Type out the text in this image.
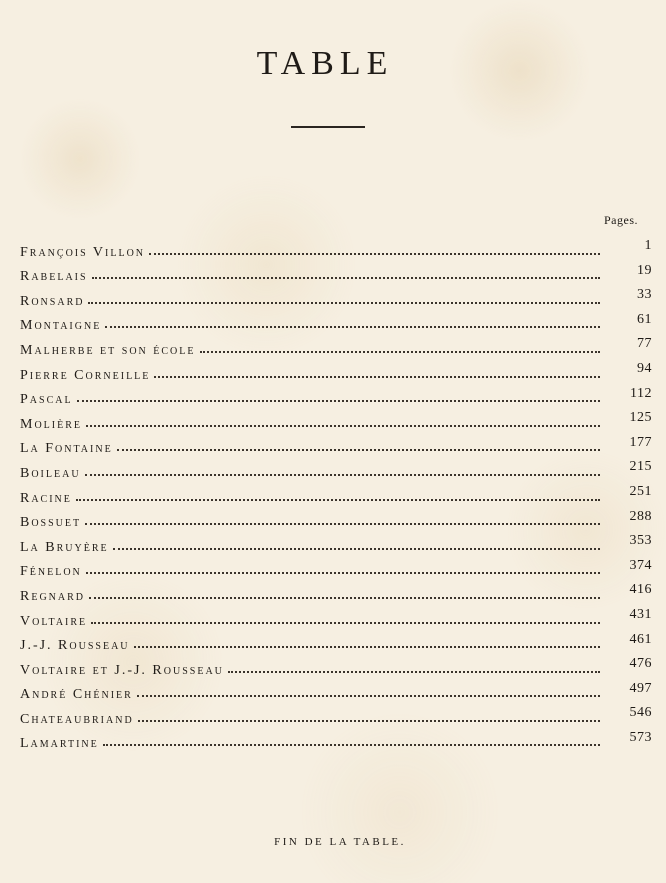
TABLE
Pages.
François Villon	1
Rabelais	19
Ronsard	33
Montaigne	61
Malherbe et son école	77
Pierre Corneille	94
Pascal	112
Molière	125
La Fontaine	177
Boileau	215
Racine	251
Bossuet	288
La Bruyère	353
Fénelon	374
Regnard	416
Voltaire	431
J.-J. Rousseau	461
Voltaire et J.-J. Rousseau	476
André Chénier	497
Chateaubriand	546
Lamartine	573
FIN DE LA TABLE.
